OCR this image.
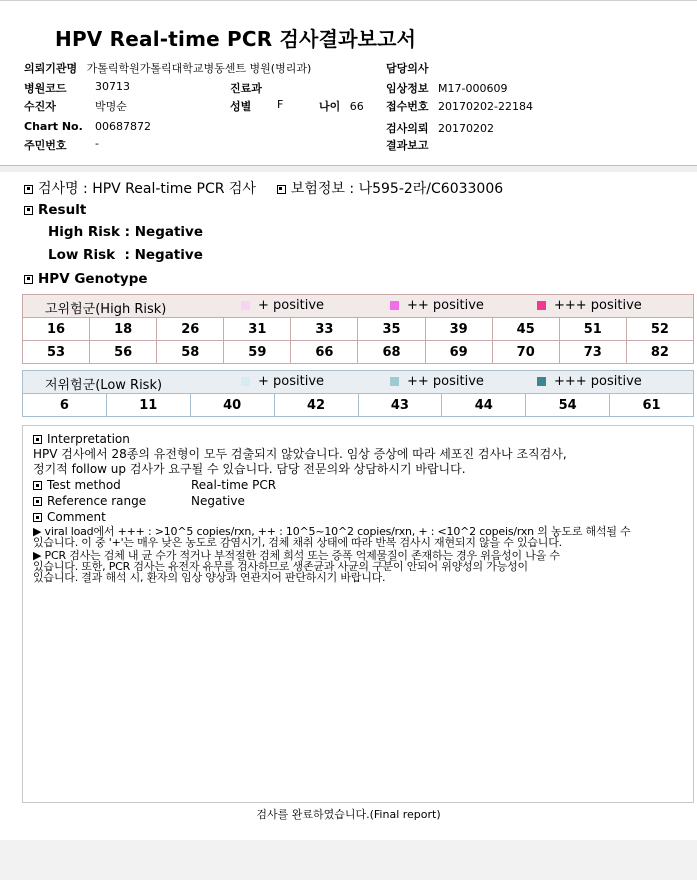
HPV Real-time PCR 검사결과보고서
의뢰기관명 가톨릭학원가톨릭대학교병동센트 병원(병리과)	담당의사
병원코드	30713	진료과	임상정보 M17-000609
수진자	박명순	성별 F	나이 66 접수번호 20170202-22184
Chart No. 00687872	검사의뢰 20170202
주민번호	-	결과보고
검사명 : HPV Real-time PCR 검사 보험정보 : 나595-2라/C6033006
Result
High Risk : Negative
Low Risk  : Negative
HPV Genotype
고위험군(High Risk) + positive ++ positive +++ positive									

16	18	26	31	33	35	39	45	51	52
53	56	58	59	66	68	69	70	73	82
저위험군(Low Risk)	+ positive	++ positive	+++ positive

6	11	40	42	43	44	54	61
Interpretation
HPV 검사에서 28종의 유전형이 모두 검출되지 않았습니다. 임상 증상에 따라 세포진 검사나 조직검사,
정기적 follow up 검사가 요구될 수 있습니다. 담당 전문의와 상담하시기 바랍니다.
Test method	Real-time PCR
Reference range	Negative
Comment
▶ viral load에서 +++ : >10^5 copies/rxn, ++ : 10^5~10^2 copies/rxn, + : <10^2 copeis/rxn 의 농도로 해석될 수
있습니다. 이 중 '+'는 매우 낮은 농도로 감염시기, 검체 채취 상태에 따라 반복 검사시 재현되지 않을 수 있습니다.
▶ PCR 검사는 검체 내 균 수가 적거나 부적절한 검체 희석 또는 증폭 억제물질이 존재하는 경우 위음성이 나올 수
있습니다. 또한, PCR 검사는 유전자 유무를 검사하므로 생존균과 사균의 구분이 안되어 위양성의 가능성이
있습니다. 결과 해석 시, 환자의 임상 양상과 연관지어 판단하시기 바랍니다.
검사를 완료하였습니다.(Final report)
